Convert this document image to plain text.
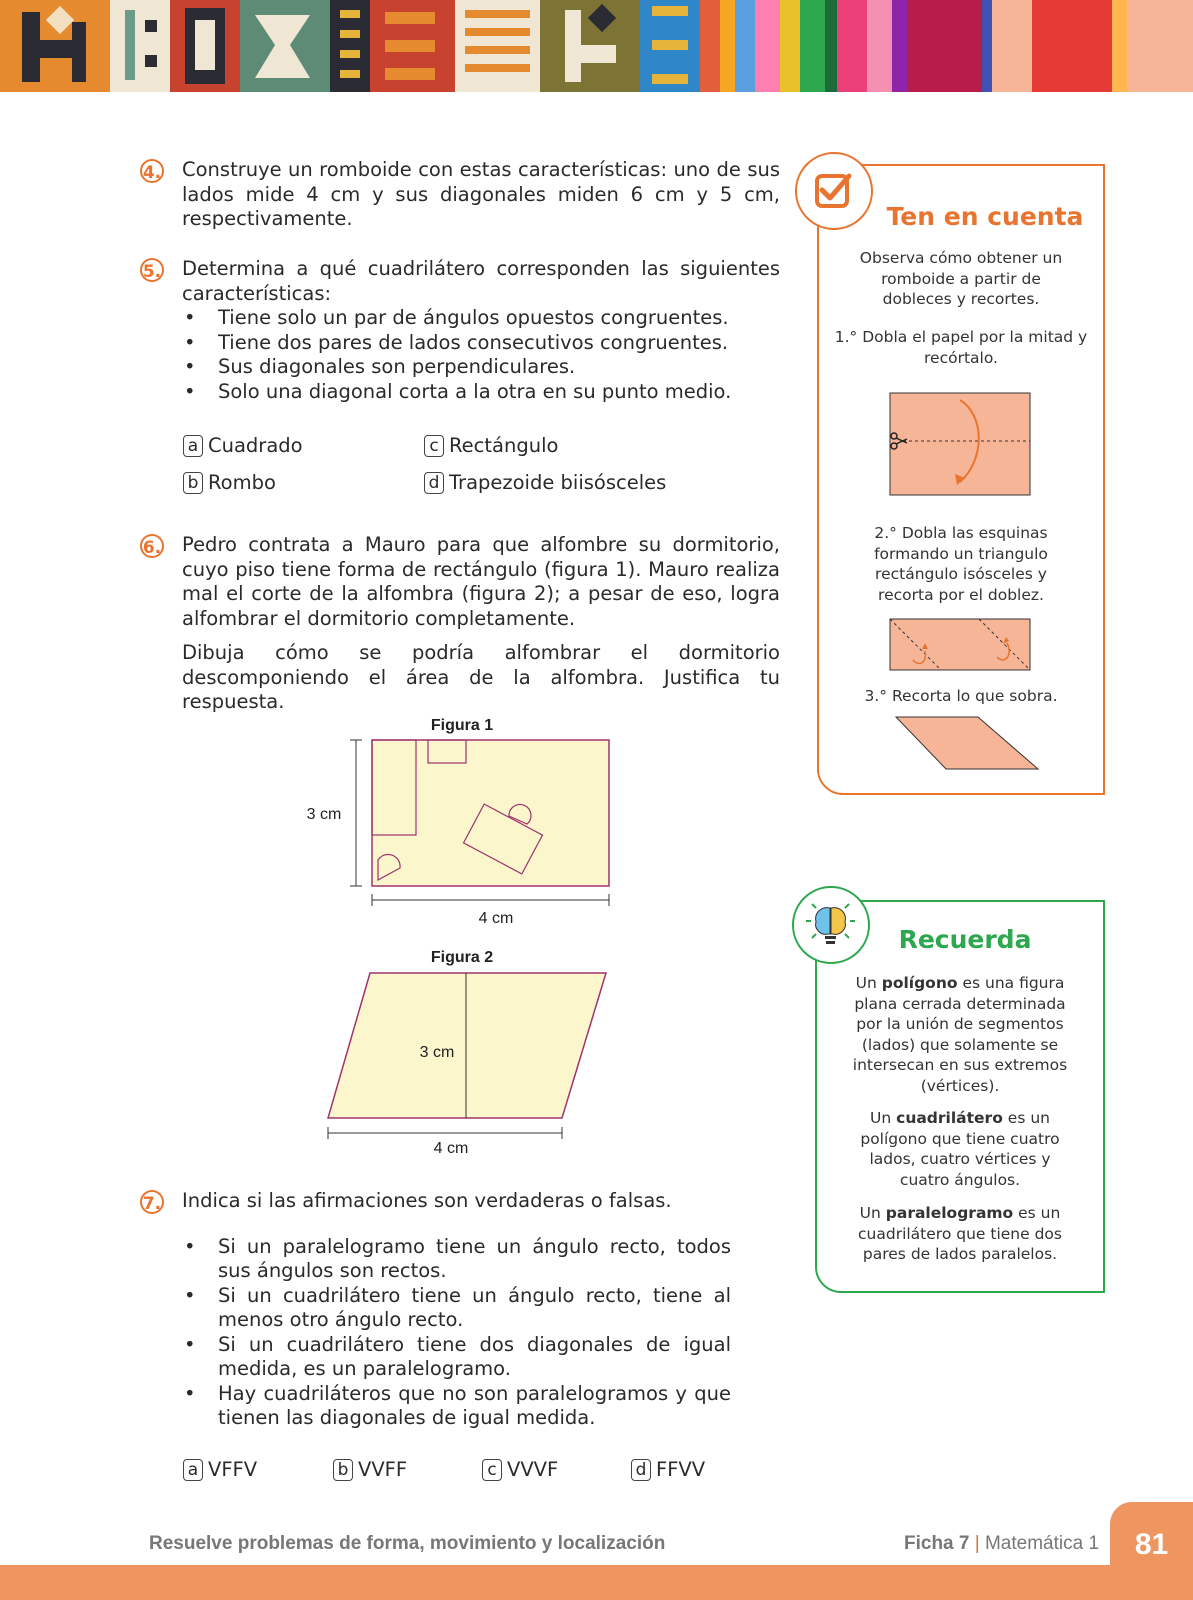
4. Construye un romboide con estas características: uno de sus lados mide 4 cm y sus diagonales miden 6 cm y 5 cm, respectivamente.
5. Determina a qué cuadrilátero corresponden las siguientes características:
• Tiene solo un par de ángulos opuestos congruentes.
• Tiene dos pares de lados consecutivos congruentes.
• Sus diagonales son perpendiculares.
• Solo una diagonal corta a la otra en su punto medio.
a Cuadrado	c Rectángulo
b Rombo	d Trapezoide biisósceles
6. Pedro contrata a Mauro para que alfombre su dormitorio, cuyo piso tiene forma de rectángulo (figura 1). Mauro realiza mal el corte de la alfombra (figura 2); a pesar de eso, logra alfombrar el dormitorio completamente.
Dibuja cómo se podría alfombrar el dormitorio descomponiendo el área de la alfombra. Justifica tu respuesta.
Figura 1
3 cm
4 cm
Figura 2
3 cm
4 cm
7. Indica si las afirmaciones son verdaderas o falsas.
• Si un paralelogramo tiene un ángulo recto, todos sus ángulos son rectos.
• Si un cuadrilátero tiene un ángulo recto, tiene al menos otro ángulo recto.
• Si un cuadrilátero tiene dos diagonales de igual medida, es un paralelogramo.
• Hay cuadriláteros que no son paralelogramos y que tienen las diagonales de igual medida.
a VFFV	b VVFF	c VVVF	d FFVV
Ten en cuenta
Observa cómo obtener un romboide a partir de dobleces y recortes.
1.° Dobla el papel por la mitad y recórtalo.
2.° Dobla las esquinas formando un triangulo rectángulo isósceles y recorta por el doblez.
3.° Recorta lo que sobra.
Recuerda
Un polígono es una figura plana cerrada determinada por la unión de segmentos (lados) que solamente se intersecan en sus extremos (vértices).
Un cuadrilátero es un polígono que tiene cuatro lados, cuatro vértices y cuatro ángulos.
Un paralelogramo es un cuadrilátero que tiene dos pares de lados paralelos.
81
Resuelve problemas de forma, movimiento y localización	Ficha 7 | Matemática 1
